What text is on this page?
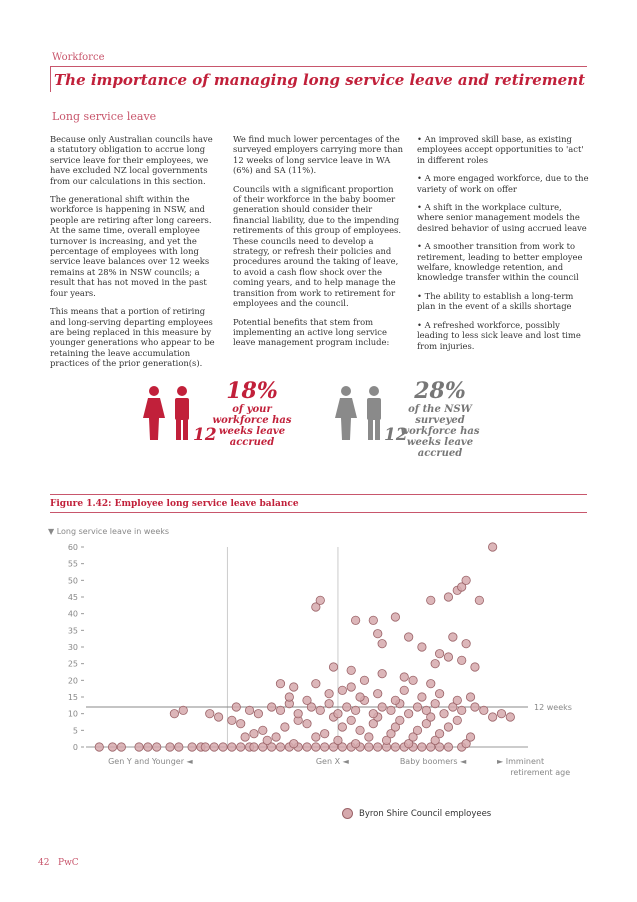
Workforce
The importance of managing long service leave and retirement
Long service leave

Because only Australian councils have a statutory obligation to accrue long service leave for their employees, we have excluded NZ local governments from our calculations in this section.

The generational shift within the workforce is happening in NSW, and people are retiring after long careers. At the same time, overall employee turnover is increasing, and yet the percentage of employees with long service leave balances over 12 weeks remains at 28% in NSW councils; a result that has not moved in the past four years.

This means that a portion of retiring and long-serving departing employees are being replaced in this measure by younger generations who appear to be retaining the leave accumulation practices of the prior generation(s).

We find much lower percentages of the surveyed employers carrying more than 12 weeks of long service leave in WA (6%) and SA (11%).

Councils with a significant proportion of their workforce in the baby boomer generation should consider their financial liability, due to the impending retirements of this group of employees. These councils need to develop a strategy, or refresh their policies and procedures around the taking of leave, to avoid a cash flow shock over the coming years, and to help manage the transition from work to retirement for employees and the council.

Potential benefits that stem from implementing an active long service leave management program include:

• An improved skill base, as existing employees accept opportunities to 'act' in different roles

• A more engaged workforce, due to the variety of work on offer

• A shift in the workplace culture, where senior management models the desired behavior of using accrued leave

• A smoother transition from work to retirement, leading to better employee welfare, knowledge retention, and knowledge transfer within the council

• The ability to establish a long-term plan in the event of a skills shortage

• A refreshed workforce, possibly leading to less sick leave and lost time from injuries.

18%
of your
workforce has
weeks leave
accrued
12
28%
of the NSW surveyed
workforce has
weeks leave
accrued
12
Figure 1.42: Employee long service leave balance
▼ Long service leave in weeks
0
5
10
15
20
25
30
35
40
45
50
55
60
12 weeks
Gen Y and Younger ◄	Gen X ◄	Baby boomers ◄	► Imminent
retirement age
Byron Shire Council employees
42 PwC
